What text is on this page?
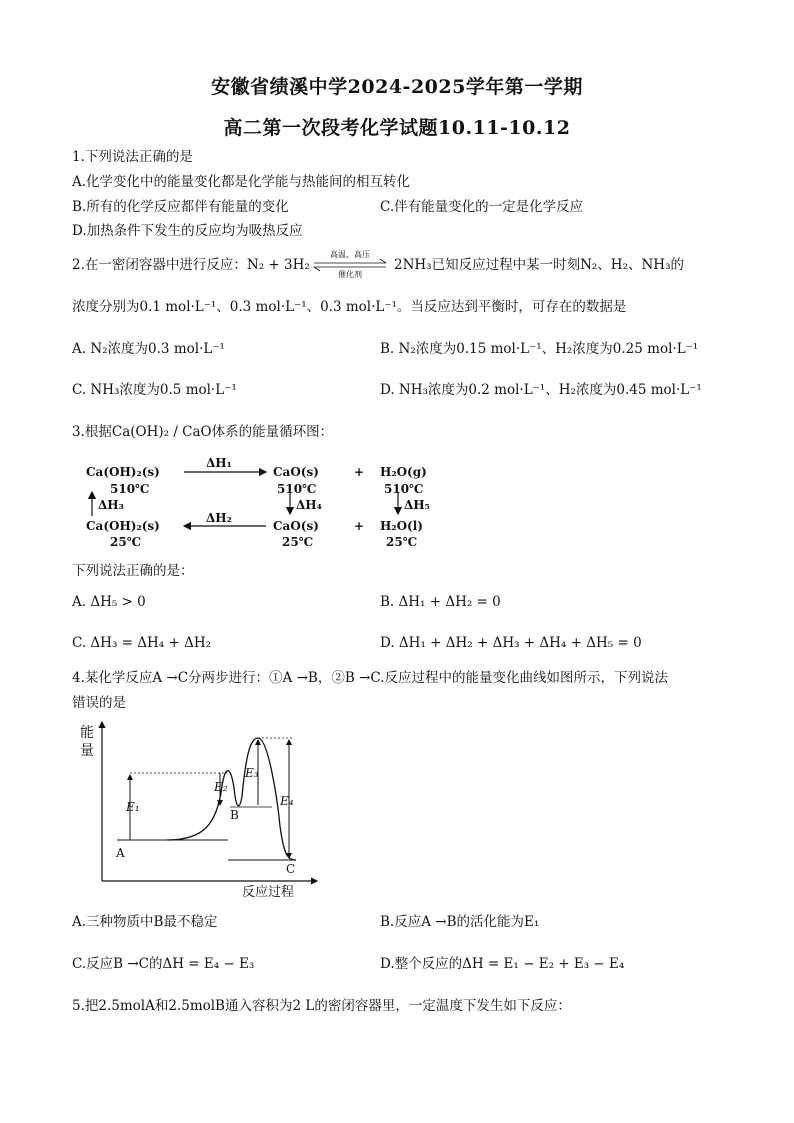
安徽省绩溪中学2024-2025学年第一学期
高二第一次段考化学试题10.11-10.12
1.下列说法正确的是
A.化学变化中的能量变化都是化学能与热能间的相互转化
B.所有的化学反应都伴有能量的变化	C.伴有能量变化的一定是化学反应
D.加热条件下发生的反应均为吸热反应
2.在一密闭容器中进行反应：N₂ + 3H₂
高温、高压
催化剂
2NH₃已知反应过程中某一时刻N₂、H₂、NH₃的
浓度分别为0.1 mol·L⁻¹、0.3 mol·L⁻¹、0.3 mol·L⁻¹。当反应达到平衡时，可存在的数据是
A. N₂浓度为0.3 mol·L⁻¹	B. N₂浓度为0.15 mol·L⁻¹、H₂浓度为0.25 mol·L⁻¹
C. NH₃浓度为0.5 mol·L⁻¹	D. NH₃浓度为0.2 mol·L⁻¹、H₂浓度为0.45 mol·L⁻¹
3.根据Ca(OH)₂ / CaO体系的能量循环图：
Ca(OH)₂(s)
510℃
ΔH₁
CaO(s)
510℃
+ H₂O(g)
510℃
ΔH₃	ΔH₄	ΔH₅
ΔH₂
Ca(OH)₂(s)
25℃
CaO(s)
25℃
+ H₂O(l)
25℃
下列说法正确的是：
A. ΔH₅ > 0	B. ΔH₁ + ΔH₂ = 0
C. ΔH₃ = ΔH₄ + ΔH₂	D. ΔH₁ + ΔH₂ + ΔH₃ + ΔH₄ + ΔH₅ = 0
4.某化学反应A →C分两步进行：①A →B，②B →C.反应过程中的能量变化曲线如图所示，下列说法
错误的是
能
量
反应过程
A
B
C
E₁
E₂
E₃
E₄
A.三种物质中B最不稳定	B.反应A →B的活化能为E₁
C.反应B →C的ΔH = E₄ − E₃	D.整个反应的ΔH = E₁ − E₂ + E₃ − E₄
5.把2.5molA和2.5molB通入容积为2 L的密闭容器里，一定温度下发生如下反应：
